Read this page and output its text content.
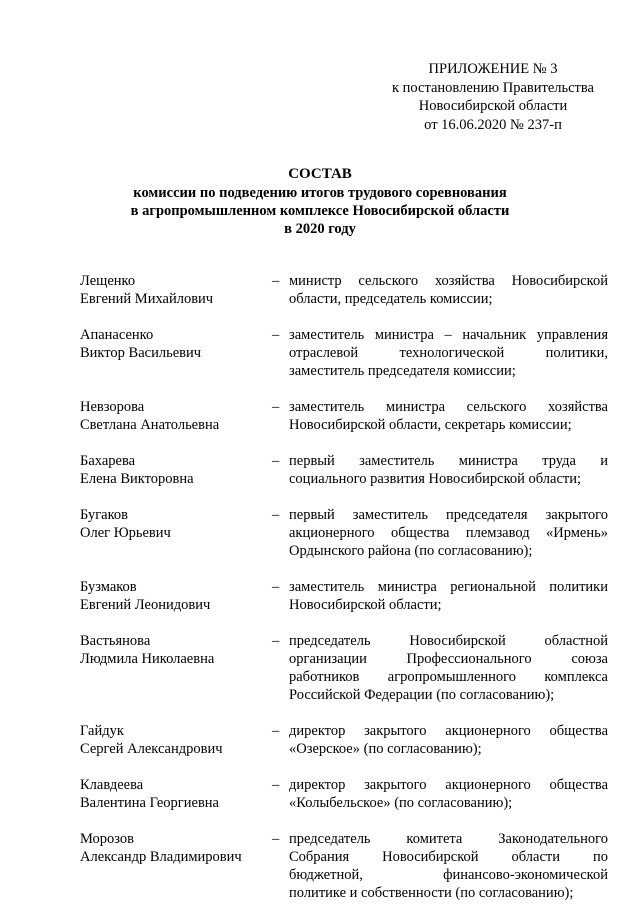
ПРИЛОЖЕНИЕ № 3
к постановлению Правительства
Новосибирской области
от 16.06.2020 № 237-п
СОСТАВ
комиссии по подведению итогов трудового соревнования
в агропромышленном комплексе Новосибирской области
в 2020 году
Лещенко
Евгений Михайлович
– министр сельского хозяйства Новосибирской
области, председатель комиссии;
Апанасенко
Виктор Васильевич
– заместитель министра – начальник управления
отраслевой технологической политики,
заместитель председателя комиссии;
Невзорова
Светлана Анатольевна
– заместитель министра сельского хозяйства
Новосибирской области, секретарь комиссии;
Бахарева
Елена Викторовна
– первый заместитель министра труда и
социального развития Новосибирской области;
Бугаков
Олег Юрьевич
– первый заместитель председателя закрытого
акционерного общества племзавод «Ирмень»
Ордынского района (по согласованию);
Бузмаков
Евгений Леонидович
– заместитель министра региональной политики
Новосибирской области;
Вастьянова
Людмила Николаевна
– председатель Новосибирской областной
организации Профессионального союза
работников агропромышленного комплекса
Российской Федерации (по согласованию);
Гайдук
Сергей Александрович
– директор закрытого акционерного общества
«Озерское» (по согласованию);
Клавдеева
Валентина Георгиевна
– директор закрытого акционерного общества
«Колыбельское» (по согласованию);
Морозов
Александр Владимирович
– председатель комитета Законодательного
Собрания Новосибирской области по
бюджетной, финансово-экономической
политике и собственности (по согласованию);
